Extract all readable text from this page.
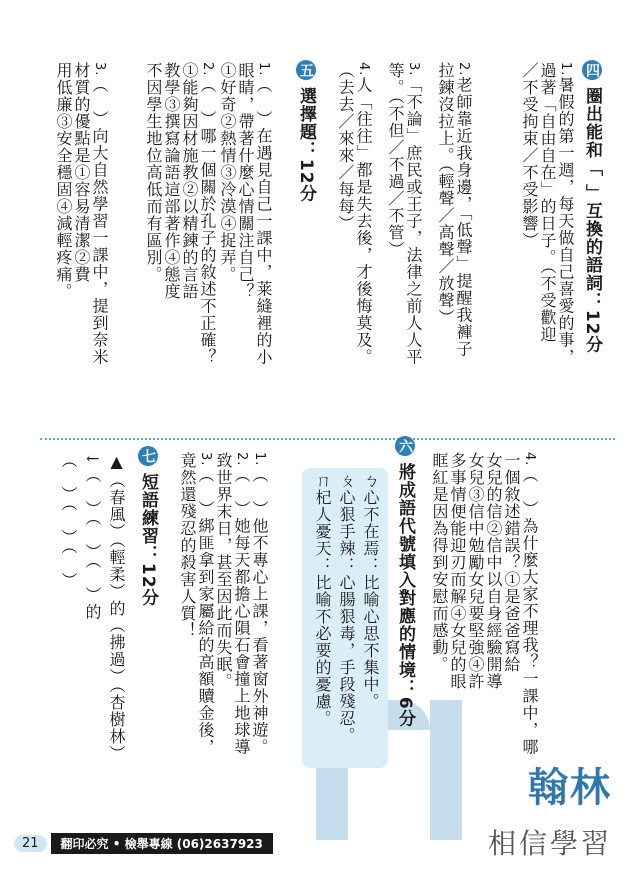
四 圈出能和「 」互換的語詞：12分
1.暑假的第一週，每天做自己喜愛的事，
過著「自由自在」的日子。（不受歡迎
／不受拘束／不受影響）
2.老師靠近我身邊，「低聲」提醒我褲子
拉鍊沒拉上。（輕聲／高聲／放聲）
3.「不論」庶民或王子，法律之前人人平
等。（不但／不過／不管）
4.人「往往」都是失去後，才後悔莫及。
（去去／來來／每每）
五 選擇題：12分
1.（　）在遇見自己一課中，莱縫裡的小
眼睛，帶著什麼心情關注自己？
①好奇②熱情③冷漠④捉弄。
2.（　）哪一個關於孔子的敘述不正確？
①能夠因材施教②以精鍊的言語
教學③撰寫論語這部著作④態度
不因學生地位高低而有區別。
3.（　）向大自然學習一課中，提到奈米
材質的優點是①容易清潔②費
用低廉③安全穩固④減輕疼痛。
4.（　）為什麼大家不理我？一課中，哪
一個敘述錯誤？①是爸爸寫給
女兒的信②信中以自身經驗開導
女兒③信中勉勵女兒要堅強④許
多事情便能迎刃而解④女兒的眼
眶紅是因為得到安慰而感動。
六 將成語代號填入對應的情境：6分
ㄅ心不在焉：比喻心思不集中。
ㄆ心狠手辣：心腸狠毒，手段殘忍。
ㄇ杞人憂天：比喻不必要的憂慮。
1.（　）他不專心上課，看著窗外神遊。
2.（　）她每天都擔心隕石會撞上地球導
致世界末日，甚至因此而失眠。
3.（　）綁匪拿到家屬給的高額贖金後，
竟然還殘忍的殺害人質！
七 短語練習：12分
▲（春風）（輕柔）的（拂過）（杏樹林）
↓（　）（　）（　）的
（　）（　）（　）
21	翻印必究 • 檢舉專線 (06)2637923
翰林
相信學習
